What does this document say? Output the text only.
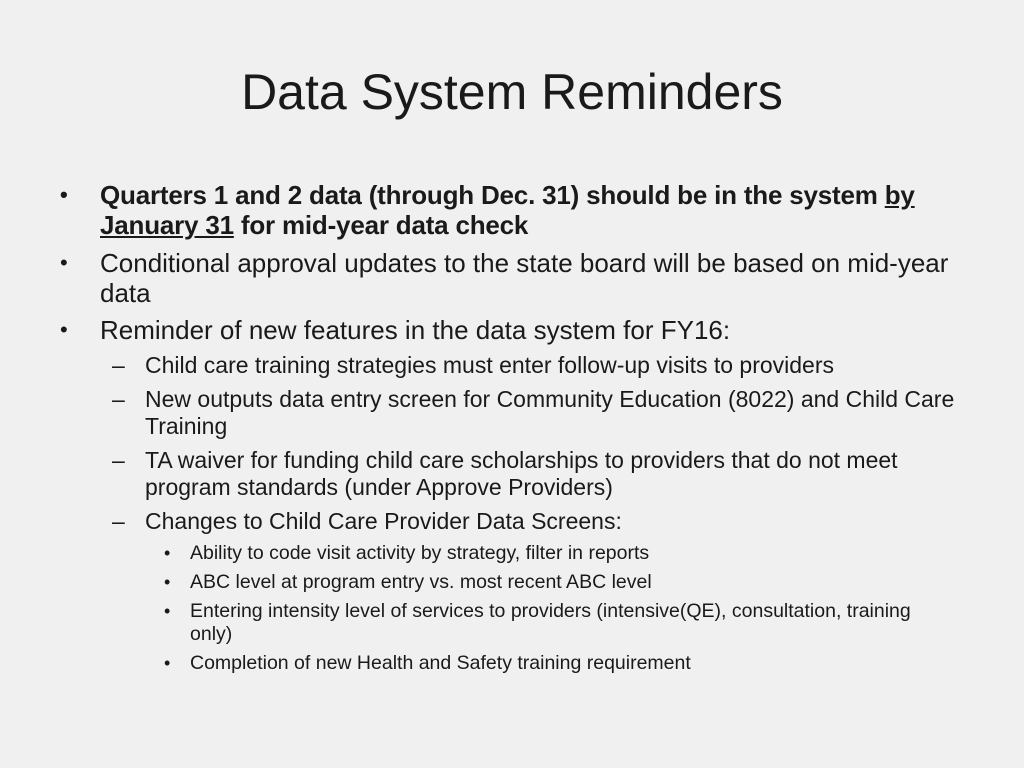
Data System Reminders
• Quarters 1 and 2 data (through Dec. 31) should be in the system by January 31 for mid-year data check
• Conditional approval updates to the state board will be based on mid-year data
• Reminder of new features in the data system for FY16:
– Child care training strategies must enter follow-up visits to providers
– New outputs data entry screen for Community Education (8022) and Child Care Training
– TA waiver for funding child care scholarships to providers that do not meet program standards (under Approve Providers)
– Changes to Child Care Provider Data Screens:
• Ability to code visit activity by strategy, filter in reports
• ABC level at program entry vs. most recent ABC level
• Entering intensity level of services to providers (intensive(QE), consultation, training only)
• Completion of new Health and Safety training requirement
